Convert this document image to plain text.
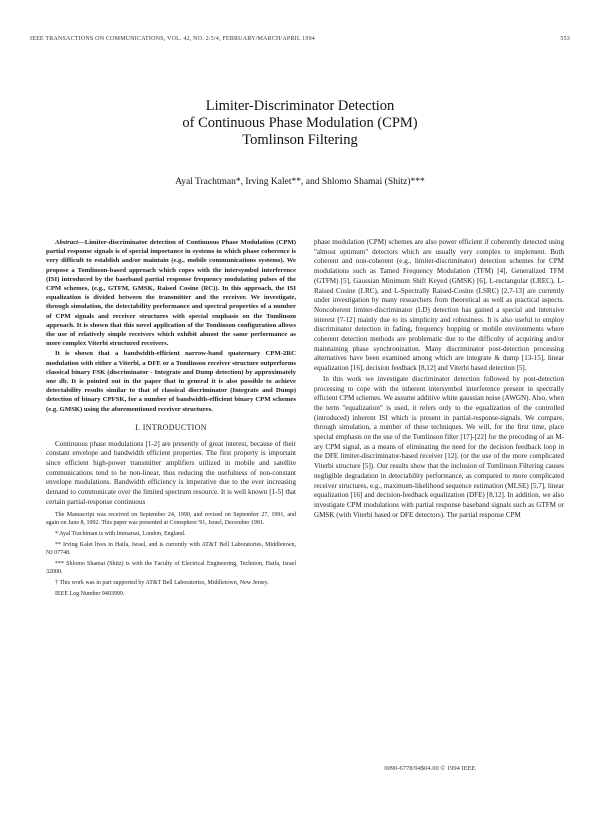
IEEE TRANSACTIONS ON COMMUNICATIONS, VOL. 42, NO. 2/3/4, FEBRUARY/MARCH/APRIL 1994	553
Limiter-Discriminator Detection
of Continuous Phase Modulation (CPM)
Tomlinson Filtering
Ayal Trachtman*, Irving Kalet**, and Shlomo Shamai (Shitz)***

Abstract—Limiter-discriminator detection of Continuous Phase Modulation (CPM) partial response signals is of special importance in systems in which phase coherence is very difficult to establish and/or maintain (e.g., mobile communications systems). We propose a Tomlinson-based approach which copes with the intersymbol interference (ISI) introduced by the baseband partial response frequency modulating pulses of the CPM schemes, (e.g., GTFM, GMSK, Raised Cosine (RC)). In this approach, the ISI equalization is divided between the transmitter and the receiver. We investigate, through simulation, the detectability performance and spectral properties of a number of CPM signals and receiver structures with special emphasis on the Tomlinson approach. It is shown that this novel application of the Tomlinson configuration allows the use of relatively simple receivers which exhibit almost the same performance as more complex Viterbi structured receivers.

It is shown that a bandwidth-efficient narrow-band quaternary CPM-2RC modulation with either a Viterbi, a DFE or a Tomlinson receiver structure outperforms classical binary FSK (discriminator - Integrate and Dump detection) by approximately one db. It is pointed out in the paper that in general it is also possible to achieve detectability results similar to that of classical discriminator (Integrate and Dump) detection of binary CPFSK, for a number of bandwidth-efficient binary CPM schemes (e.g. GMSK) using the aforementioned receiver structures.

I. INTRODUCTION

Continuous phase modulations [1-2] are presently of great interest, because of their constant envelope and bandwidth efficient properties. The first property is important since efficient high-power transmitter amplifiers utilized in mobile and satellite communications tend to be non-linear, thus reducing the usefulness of non-constant envelope modulations. Bandwidth efficiency is imperative due to the ever increasing demand to communicate over the limited spectrum resource. It is well known [1-5] that certain partial-response continuous

The Manuscript was received on September 24, 1990, and revised on September 27, 1991, and again on June 8, 1992. This paper was presented at Comsphere '91, Israel, December 1991.

* Ayal Trachtman is with Immarsat, London, England.

** Irving Kalet lives in Haifa, Israel, and is currently with AT&T Bell Laboratories, Middletown, NJ 07748.

*** Shlomo Shamai (Shitz) is with the Faculty of Electrical Engineering, Technion, Haifa, Israel 32000.

† This work was in part supported by AT&T Bell Laboratories, Middletown, New Jersey.

IEEE Log Number 9403999.

phase modulation (CPM) schemes are also power efficient if coherently detected using "almost optimum" detectors which are usually very complex to implement. Both coherent and non-coherent (e.g., limiter-discriminator) detection schemes for CPM modulations such as Tamed Frequency Modulation (TFM) [4], Generalized TFM (GTFM) [5], Gaussian Minimum Shift Keyed (GMSK) [6], L-rectangular (LREC), L-Raised Cosine (LRC), and L-Spectrally Raised-Cosine (LSRC) [2,7-13] are currently under investigation by many researchers from theoretical as well as practical aspects. Noncoherent limiter-discriminator (LD) detection has gained a special and intensive interest [7-12] mainly due to its simplicity and robustness. It is also useful to employ discriminator detection in fading, frequency hopping or mobile environments where coherent detection methods are problematic due to the difficulty of acquiring and/or maintaining phase synchronization. Many discriminator post-detection processing alternatives have been examined among which are integrate & dump [13-15], linear equalization [16], decision feedback [8,12] and Viterbi based detection [5].

In this work we investigate discriminator detection followed by post-detection processing to cope with the inherent intersymbol interference present in spectrally efficient CPM schemes. We assume additive white gaussian noise (AWGN). Also, when the term "equalization" is used, it refers only to the equalization of the controlled (introduced) inherent ISI which is present in partial-response-signals. We compare, through simulation, a number of these techniques. We will, for the first time, place special emphasis on the use of the Tomlinson filter [17]-[22] for the precoding of an M-ary CPM signal, as a means of eliminating the need for the decision feedback loop in the DFE limiter-discriminator-based receiver [12]. (or the use of the more complicated Viterbi structure [5]). Our results show that the inclusion of Tomlinson Filtering causes negligible degradation in detectability performance, as compared to more complicated receiver structures, e.g., maximum-likelihood sequence estimation (MLSE) [5,7], linear equalization [16] and decision-feedback equalization (DFE) [8,12]. In addition, we also investigate CPM modulations with partial response baseband signals such as GTFM or GMSK (with Viterbi based or DFE detectors). The partial response CPM

0090-6778/94$04.00 © 1994 IEEE
